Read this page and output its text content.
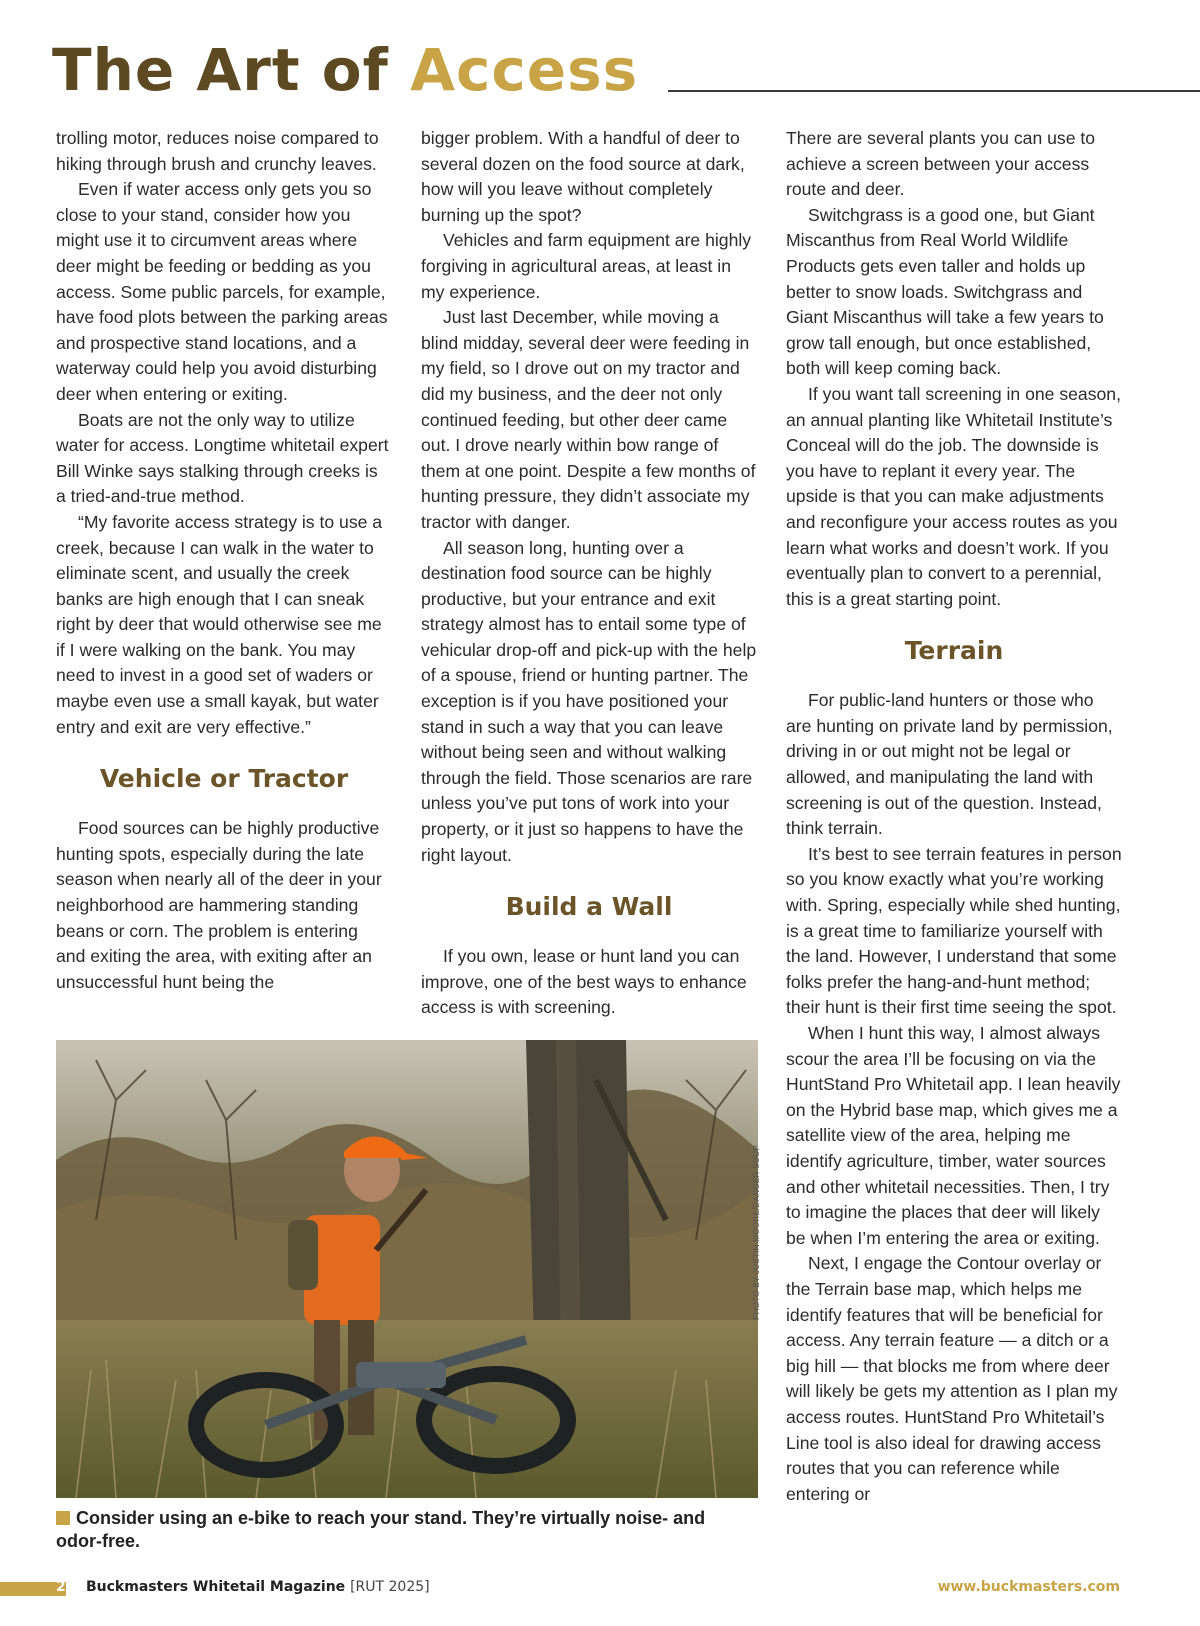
The Art of Access

trolling motor, reduces noise compared to hiking through brush and crunchy leaves.

Even if water access only gets you so close to your stand, consider how you might use it to circumvent areas where deer might be feeding or bedding as you access. Some public parcels, for example, have food plots between the parking areas and prospective stand locations, and a waterway could help you avoid disturbing deer when entering or exiting.

Boats are not the only way to utilize water for access. Longtime whitetail expert Bill Winke says stalking through creeks is a tried-and-true method.

“My favorite access strategy is to use a creek, because I can walk in the water to eliminate scent, and usually the creek banks are high enough that I can sneak right by deer that would otherwise see me if I were walking on the bank. You may need to invest in a good set of waders or maybe even use a small kayak, but water entry and exit are very effective.”

Vehicle or Tractor

Food sources can be highly productive hunting spots, especially during the late season when nearly all of the deer in your neighborhood are hammering standing beans or corn. The problem is entering and exiting the area, with exiting after an unsuccessful hunt being the

bigger problem. With a handful of deer to several dozen on the food source at dark, how will you leave without completely burning up the spot?

Vehicles and farm equipment are highly forgiving in agricultural areas, at least in my experience.

Just last December, while moving a blind midday, several deer were feeding in my field, so I drove out on my tractor and did my business, and the deer not only continued feeding, but other deer came out. I drove nearly within bow range of them at one point. Despite a few months of hunting pressure, they didn’t associate my tractor with danger.

All season long, hunting over a destination food source can be highly productive, but your entrance and exit strategy almost has to entail some type of vehicular drop-off and pick-up with the help of a spouse, friend or hunting partner. The exception is if you have positioned your stand in such a way that you can leave without being seen and without walking through the field. Those scenarios are rare unless you’ve put tons of work into your property, or it just so happens to have the right layout.

Build a Wall

If you own, lease or hunt land you can improve, one of the best ways to enhance access is with screening.

There are several plants you can use to achieve a screen between your access route and deer.

Switchgrass is a good one, but Giant Miscanthus from Real World Wildlife Products gets even taller and holds up better to snow loads. Switchgrass and Giant Miscanthus will take a few years to grow tall enough, but once established, both will keep coming back.

If you want tall screening in one season, an annual planting like Whitetail Institute’s Conceal will do the job. The downside is you have to replant it every year. The upside is that you can make adjustments and reconfigure your access routes as you learn what works and doesn’t work. If you eventually plan to convert to a perennial, this is a great starting point.

Terrain

For public-land hunters or those who are hunting on private land by permission, driving in or out might not be legal or allowed, and manipulating the land with screening is out of the question. Instead, think terrain.

It’s best to see terrain features in person so you know exactly what you’re working with. Spring, especially while shed hunting, is a great time to familiarize yourself with the land. However, I understand that some folks prefer the hang-and-hunt method; their hunt is their first time seeing the spot.

When I hunt this way, I almost always scour the area I’ll be focusing on via the HuntStand Pro Whitetail app. I lean heavily on the Hybrid base map, which gives me a satellite view of the area, helping me identify agriculture, timber, water sources and other whitetail necessities. Then, I try to imagine the places that deer will likely be when I’m entering the area or exiting.

Next, I engage the Contour overlay or the Terrain base map, which helps me identify features that will be beneficial for access. Any terrain feature — a ditch or a big hill — that blocks me from where deer will likely be gets my attention as I plan my access routes. HuntStand Pro Whitetail’s Line tool is also ideal for drawing access routes that you can reference while entering or

PHOTO BY JUSTIN MOORE/DANGER SOUP
Consider using an e-bike to reach your stand. They’re virtually noise- and odor-free.
26 Buckmasters Whitetail Magazine [RUT 2025]	www.buckmasters.com
